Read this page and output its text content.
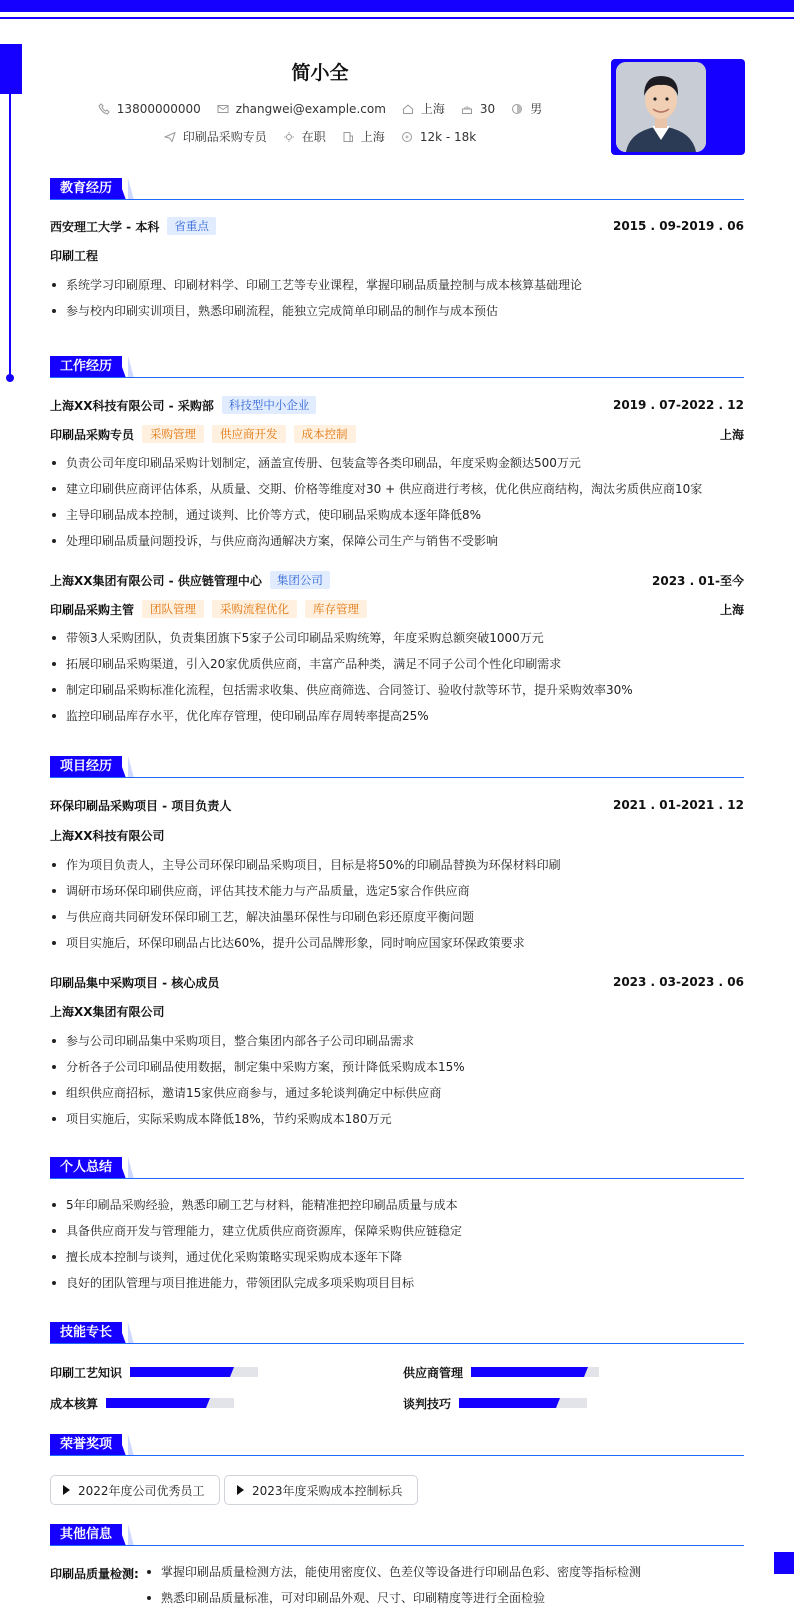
简小全
13800000000	zhangwei@example.com	上海	30	男
印刷品采购专员	在职	上海	12k - 18k
教育经历
西安理工大学 - 本科	省重点	2015 . 09-2019 . 06
印刷工程
系统学习印刷原理、印刷材料学、印刷工艺等专业课程，掌握印刷品质量控制与成本核算基础理论
参与校内印刷实训项目，熟悉印刷流程，能独立完成简单印刷品的制作与成本预估
工作经历
上海XX科技有限公司 - 采购部	科技型中小企业	2019 . 07-2022 . 12
印刷品采购专员	采购管理	供应商开发	成本控制	上海
负责公司年度印刷品采购计划制定，涵盖宣传册、包装盒等各类印刷品，年度采购金额达500万元
建立印刷供应商评估体系，从质量、交期、价格等维度对30 + 供应商进行考核，优化供应商结构，淘汰劣质供应商10家
主导印刷品成本控制，通过谈判、比价等方式，使印刷品采购成本逐年降低8%
处理印刷品质量问题投诉，与供应商沟通解决方案，保障公司生产与销售不受影响
上海XX集团有限公司 - 供应链管理中心	集团公司	2023 . 01-至今
印刷品采购主管	团队管理	采购流程优化	库存管理	上海
带领3人采购团队，负责集团旗下5家子公司印刷品采购统筹，年度采购总额突破1000万元
拓展印刷品采购渠道，引入20家优质供应商，丰富产品种类，满足不同子公司个性化印刷需求
制定印刷品采购标准化流程，包括需求收集、供应商筛选、合同签订、验收付款等环节，提升采购效率30%
监控印刷品库存水平，优化库存管理，使印刷品库存周转率提高25%
项目经历
环保印刷品采购项目 - 项目负责人	2021 . 01-2021 . 12
上海XX科技有限公司
作为项目负责人，主导公司环保印刷品采购项目，目标是将50%的印刷品替换为环保材料印刷
调研市场环保印刷供应商，评估其技术能力与产品质量，选定5家合作供应商
与供应商共同研发环保印刷工艺，解决油墨环保性与印刷色彩还原度平衡问题
项目实施后，环保印刷品占比达60%，提升公司品牌形象，同时响应国家环保政策要求
印刷品集中采购项目 - 核心成员	2023 . 03-2023 . 06
上海XX集团有限公司
参与公司印刷品集中采购项目，整合集团内部各子公司印刷品需求
分析各子公司印刷品使用数据，制定集中采购方案，预计降低采购成本15%
组织供应商招标，邀请15家供应商参与，通过多轮谈判确定中标供应商
项目实施后，实际采购成本降低18%，节约采购成本180万元
个人总结
5年印刷品采购经验，熟悉印刷工艺与材料，能精准把控印刷品质量与成本
具备供应商开发与管理能力，建立优质供应商资源库，保障采购供应链稳定
擅长成本控制与谈判，通过优化采购策略实现采购成本逐年下降
良好的团队管理与项目推进能力，带领团队完成多项采购项目目标
技能专长
印刷工艺知识	供应商管理
成本核算	谈判技巧
荣誉奖项
2022年度公司优秀员工	2023年度采购成本控制标兵
其他信息
印刷品质量检测:	掌握印刷品质量检测方法，能使用密度仪、色差仪等设备进行印刷品色彩、密度等指标检测
熟悉印刷品质量标准，可对印刷品外观、尺寸、印刷精度等进行全面检验
